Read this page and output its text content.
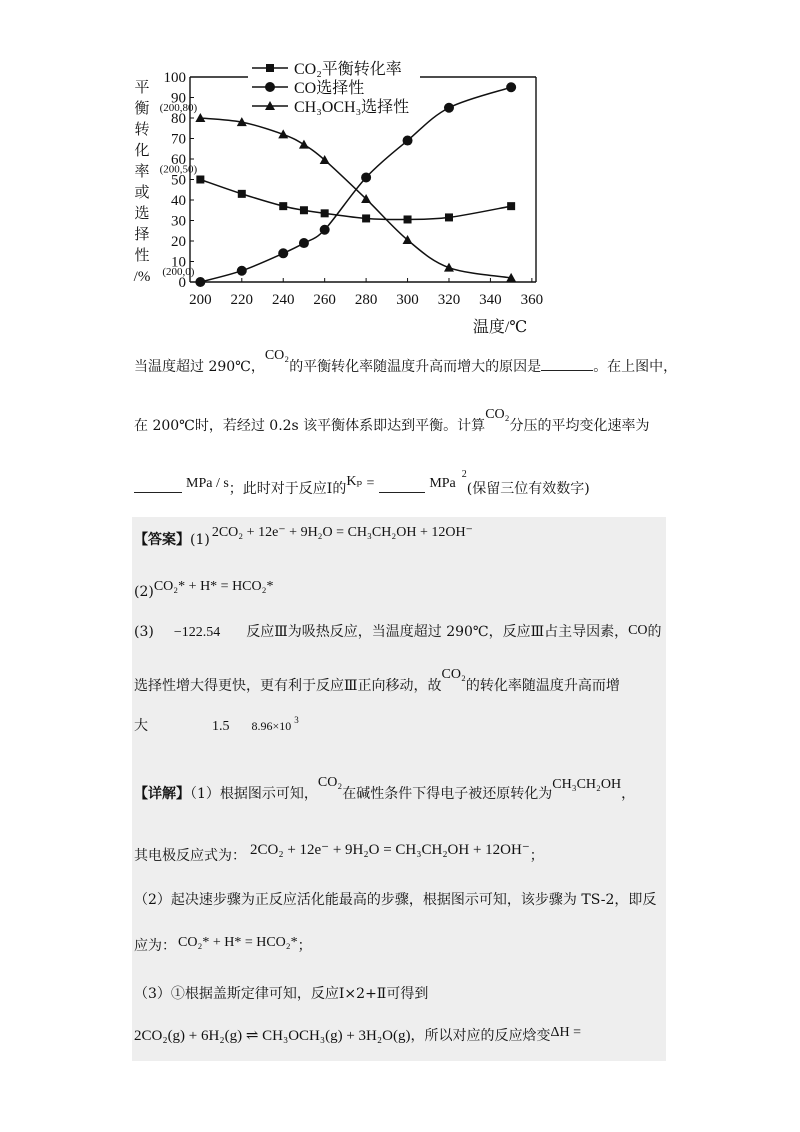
0
10
20
30
40
50
60
70
80
90
100
200 220 240 260 280 300 320 340 360
平
衡
转
化
率
或
选
择
性
/%
温度/℃
(200,80)
(200,50)
(200,0)
CO₂平衡转化率
CO选择性
CH₃OCH₃选择性
当温度超过 290℃，CO₂的平衡转化率随温度升高而增大的原因是	。在上图中，
在 200℃时，若经过 0.2s 该平衡体系即达到平衡。计算CO₂分压的平均变化速率为
MPa / s；此时对于反应Ⅰ的Kₚ =	MPa$^2$(保留三位有效数字)
【答案】(1) 2CO₂ + 12e⁻ + 9H₂O = CH₃CH₂OH + 12OH⁻
(2)CO₂* + H* = HCO₂*
(3) −122.54 反应Ⅲ为吸热反应，当温度超过 290℃，反应Ⅲ占主导因素，CO的
选择性增大得更快，更有利于反应Ⅲ正向移动，故CO₂的转化率随温度升高而增
大	1.5 8.96×10 $^3$
【详解】（1）根据图示可知，CO₂在碱性条件下得电子被还原转化为CH₃CH₂OH，
其电极反应式为： 2CO₂ + 12e⁻ + 9H₂O = CH₃CH₂OH + 12OH⁻；
（2）起决速步骤为正反应活化能最高的步骤，根据图示可知，该步骤为 TS-2，即反
应为： CO₂* + H* = HCO₂*；
（3）①根据盖斯定律可知，反应Ⅰ×2+Ⅱ可得到
2CO₂(g) + 6H₂(g) ⇌ CH₃OCH₃(g) + 3H₂O(g)，所以对应的反应焓变ΔH =
